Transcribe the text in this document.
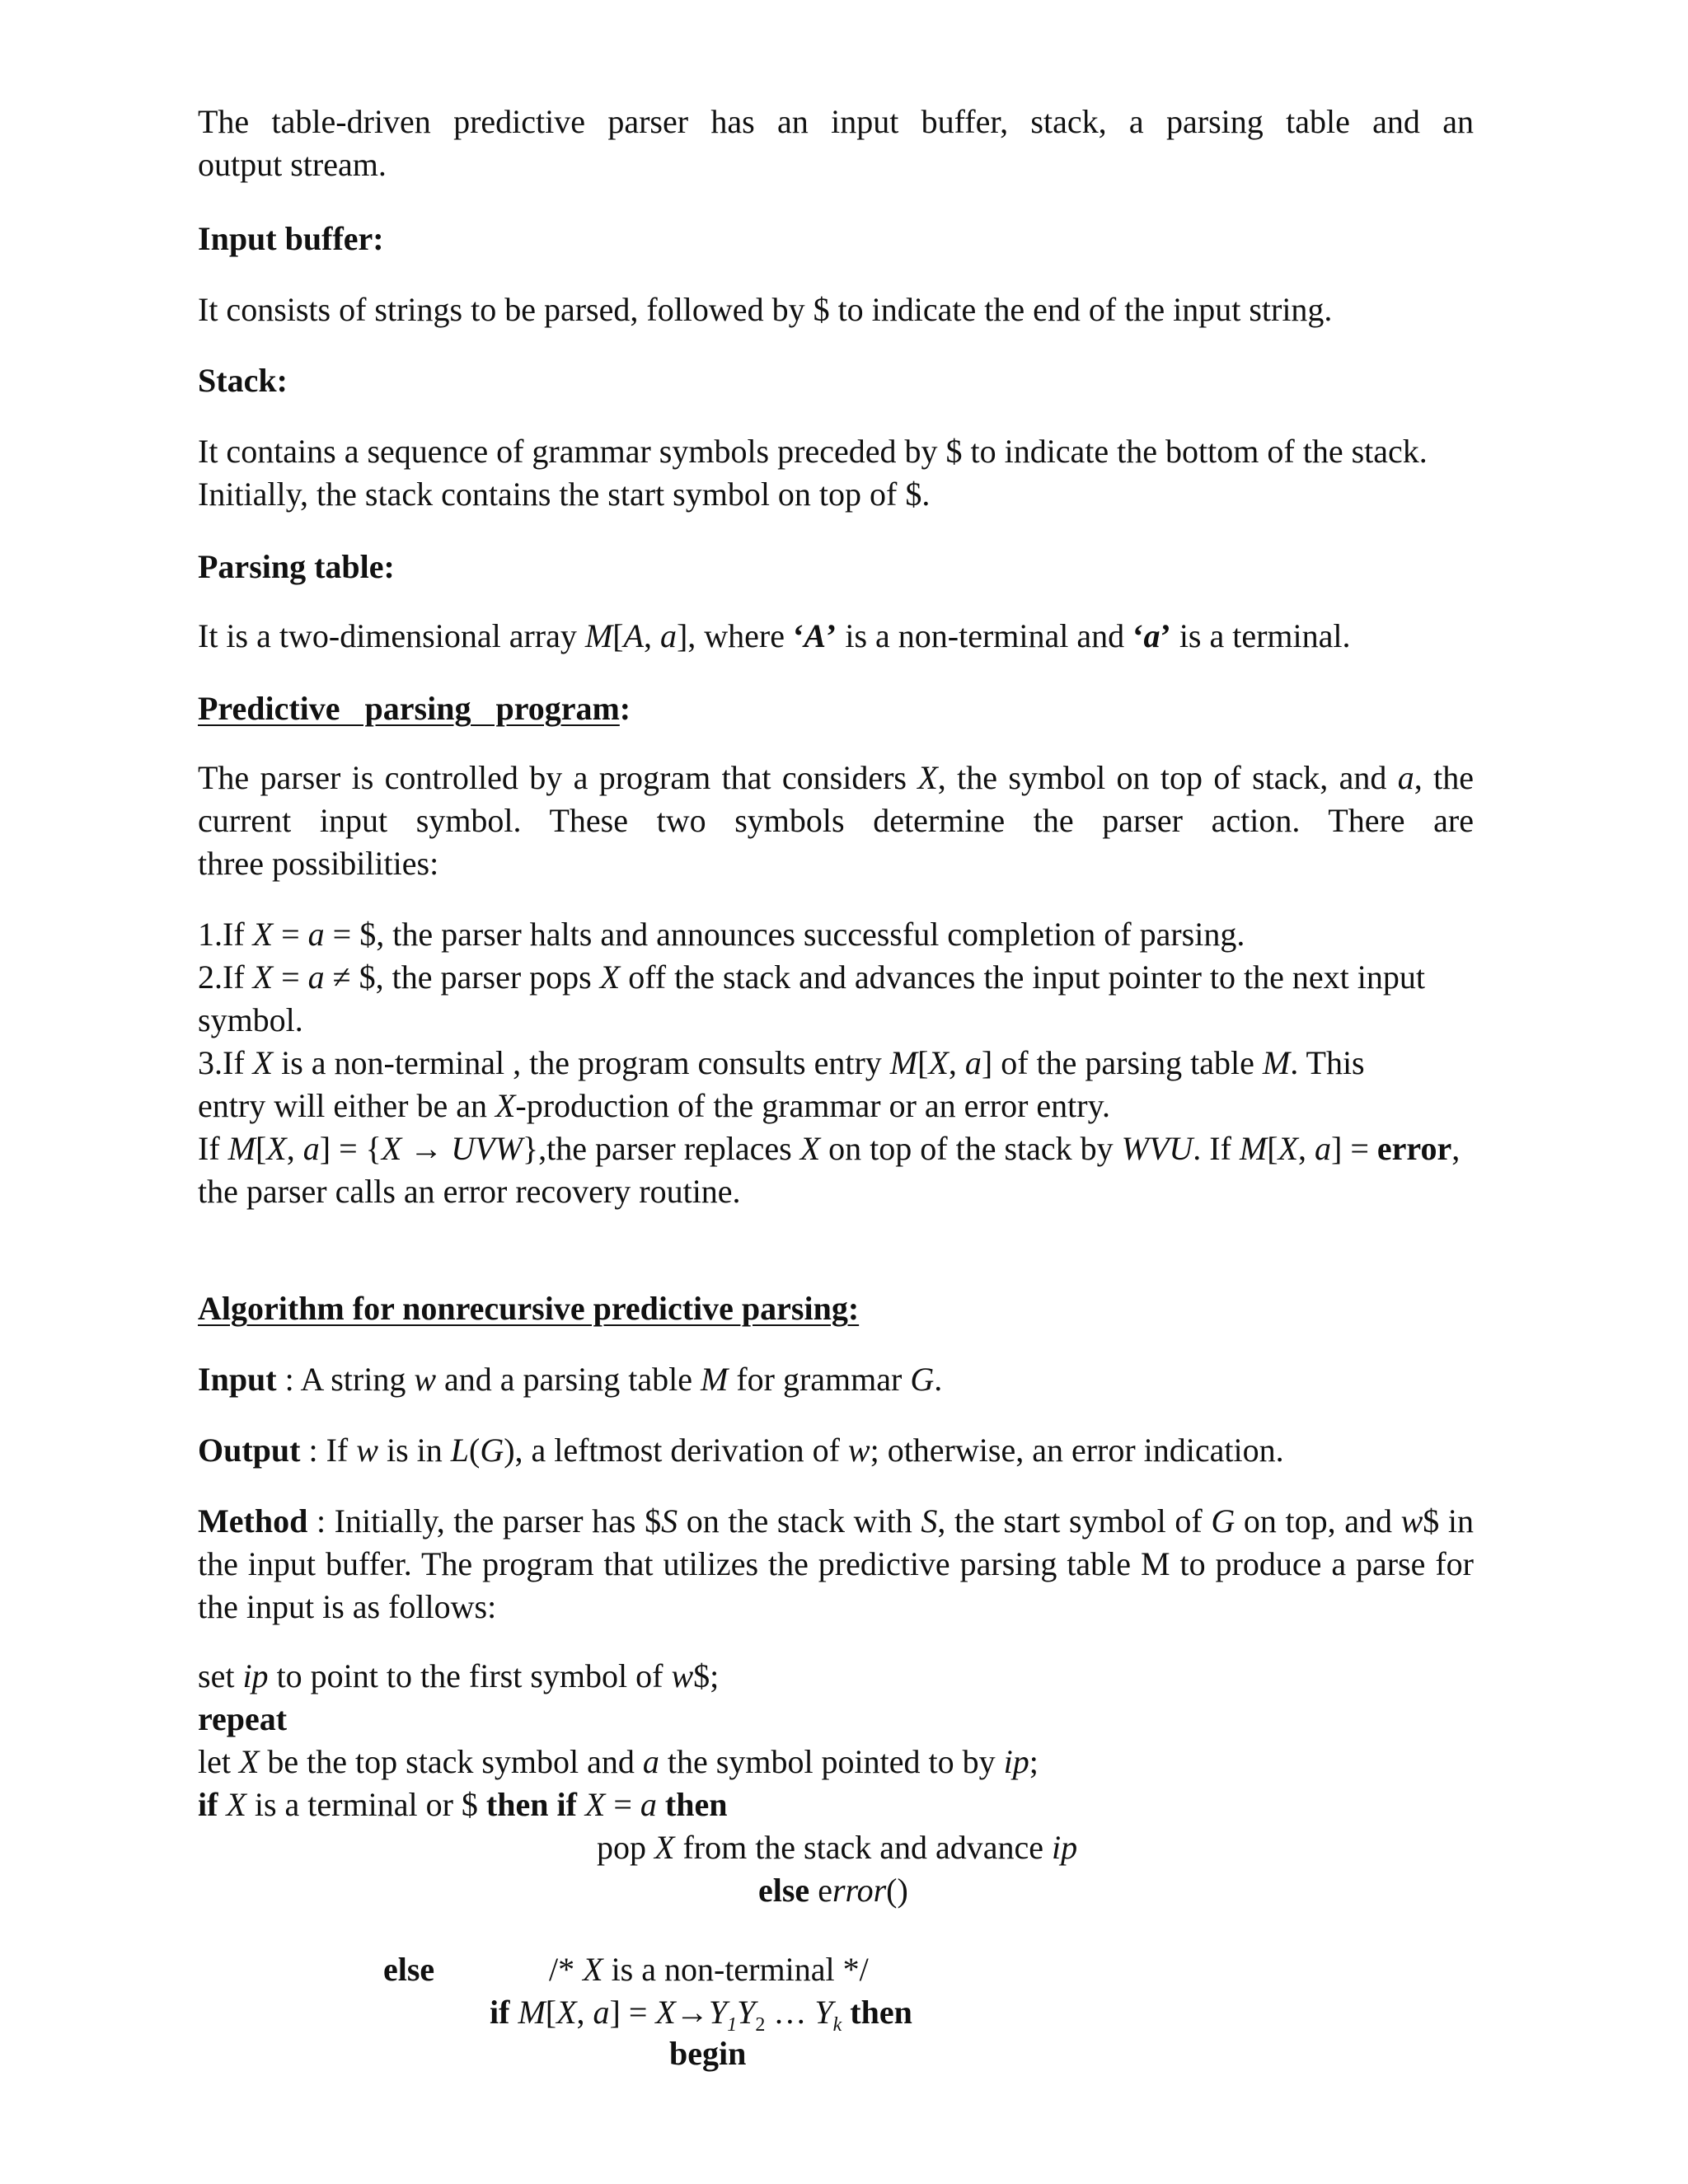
The table-driven predictive parser has an input buffer, stack, a parsing table and an
output stream.
Input buffer:
It consists of strings to be parsed, followed by $ to indicate the end of the input string.
Stack:
It contains a sequence of grammar symbols preceded by $ to indicate the bottom of the stack.
Initially, the stack contains the start symbol on top of $.
Parsing table:
It is a two-dimensional array M[A, a], where ‘A’ is a non-terminal and ‘a’ is a terminal.
Predictive   parsing   program:
The parser is controlled by a program that considers X, the symbol on top of stack, and a, the
current input symbol. These two symbols determine the parser action. There are
three possibilities:
1.If X = a = $, the parser halts and announces successful completion of parsing.
2.If X = a ≠ $, the parser pops X off the stack and advances the input pointer to the next input
symbol.
3.If X is a non-terminal , the program consults entry M[X, a] of the parsing table M. This
entry will either be an X-production of the grammar or an error entry.
If M[X, a] = {X → UVW},the parser replaces X on top of the stack by WVU. If M[X, a] = error,
the parser calls an error recovery routine.
Algorithm for nonrecursive predictive parsing:
Input : A string w and a parsing table M for grammar G.
Output : If w is in L(G), a leftmost derivation of w; otherwise, an error indication.
Method : Initially, the parser has $S on the stack with S, the start symbol of G on top, and w$ in
the input buffer. The program that utilizes the predictive parsing table M to produce a parse for
the input is as follows:
set ip to point to the first symbol of w$;
repeat
let X be the top stack symbol and a the symbol pointed to by ip;
if X is a terminal or $ then if X = a then
pop X from the stack and advance ip
else error()
else	/* X is a non-terminal */
if M[X, $a] = X\to Y_1Y_2$ … $Y_k$ then
begin
